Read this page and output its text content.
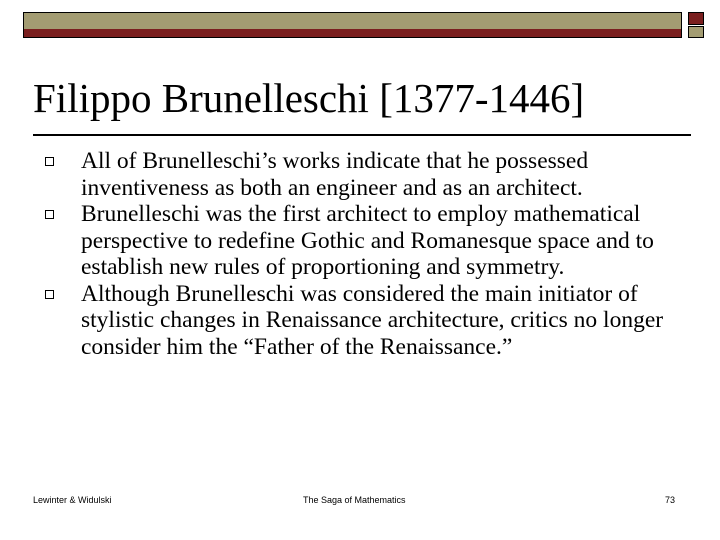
Filippo Brunelleschi [1377-1446]
All of Brunelleschi’s works indicate that he possessed inventiveness as both an engineer and as an architect.
Brunelleschi was the first architect to employ mathematical perspective to redefine Gothic and Romanesque space and to establish new rules of proportioning and symmetry.
Although Brunelleschi was considered the main initiator of stylistic changes in Renaissance architecture, critics no longer consider him the “Father of the Renaissance.”
Lewinter & Widulski	The Saga of Mathematics	73
